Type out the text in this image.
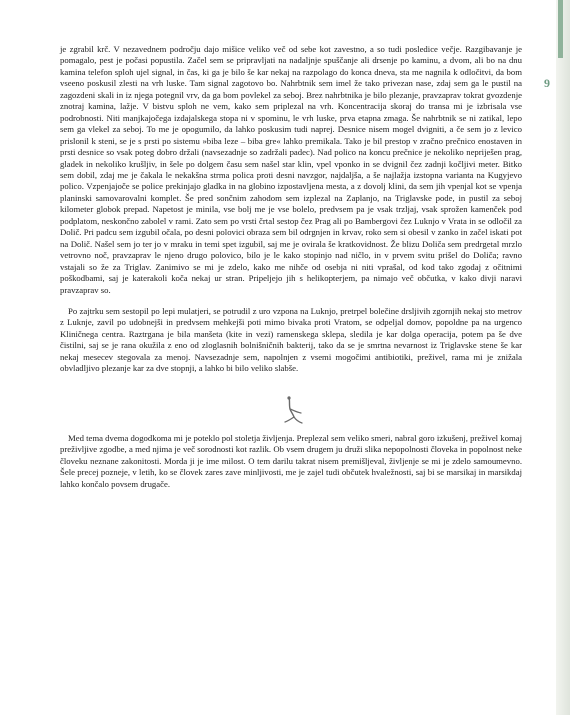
9

je zgrabil krč. V nezavednem področju dajo mišice veliko več od sebe kot zavestno, a so tudi posledice večje. Razgibavanje je pomagalo, pest je počasi popustila. Začel sem se pripravljati na nadaljnje spuščanje ali drsenje po kaminu, a dvom, ali bo na dnu kamina telefon sploh ujel signal, in čas, ki ga je bilo še kar nekaj na razpolago do konca dneva, sta me nagnila k odločitvi, da bom vseeno poskusil zlesti na vrh luske. Tam signal zagotovo bo. Nahrbtnik sem imel že tako privezan nase, zdaj sem ga le pustil na zagozdeni skali in iz njega potegnil vrv, da ga bom povlekel za seboj. Brez nahrbtnika je bilo plezanje, pravzaprav tokrat gvozdenje znotraj kamina, lažje. V bistvu sploh ne vem, kako sem priplezal na vrh. Koncentracija skoraj do transa mi je izbrisala vse podrobnosti. Niti manjkajočega izdajalskega stopa ni v spominu, le vrh luske, prva etapna zmaga. Še nahrbtnik se ni zatikal, lepo sem ga vlekel za seboj. To me je opogumilo, da lahko poskusim tudi naprej. Desnice nisem mogel dvigniti, a če sem jo z levico prislonil k steni, se je s prsti po sistemu »biba leze – biba gre« lahko premikala. Tako je bil prestop v zračno prečnico enostaven in prsti desnice so vsak poteg dobro držali (navsezadnje so zadržali padec). Nad polico na koncu prečnice je nekoliko nepriješen prag, gladek in nekoliko krušljiv, in šele po dolgem času sem našel star klin, vpel vponko in se dvignil čez zadnji kočljivi meter. Bitko sem dobil, zdaj me je čakala le nekakšna strma polica proti desni navzgor, najdaljša, a še najlažja izstopna varianta na Kugyjevo polico. Vzpenjajoče se police prekinjajo gladka in na globino izpostavljena mesta, a z dovolj klini, da sem jih vpenjal kot se vpenja planinski samovarovalni komplet. Še pred sončnim zahodom sem izplezal na Zaplanjo, na Triglavske pode, in pustil za seboj kilometer globok prepad. Napetost je minila, vse bolj me je vse bolelo, predvsem pa je vsak trzljaj, vsak sprožen kamenček pod podplatom, neskončno zabolel v rami. Zato sem po vrsti črtal sestop čez Prag ali po Bambergovi čez Luknjo v Vrata in se odločil za Dolič. Pri padcu sem izgubil očala, po desni polovici obraza sem bil odrgnjen in krvav, roko sem si obesil v zanko in začel iskati pot na Dolič. Našel sem jo ter jo v mraku in temi spet izgubil, saj me je ovirala še kratkovidnost. Že blizu Doliča sem predrgetal mrzlo vetrovno noč, pravzaprav le njeno drugo polovico, bilo je le kako stopinjo nad ničlo, in v prvem svitu prišel do Doliča; ravno vstajali so že za Triglav. Zanimivo se mi je zdelo, kako me nihče od osebja ni niti vprašal, od kod tako zgodaj z očitnimi poškodbami, saj je katerakoli koča nekaj ur stran. Pripeljejo jih s helikopterjem, pa nimajo več občutka, v kako divji naravi pravzaprav so.

Po zajtrku sem sestopil po lepi mulatjeri, se potrudil z uro vzpona na Luknjo, pretrpel bolečine drsljivih zgornjih nekaj sto metrov z Luknje, zavil po udobnejši in predvsem mehkejši poti mimo bivaka proti Vratom, se odpeljal domov, popoldne pa na urgenco Kliničnega centra. Raztrgana je bila manšeta (kite in vezi) ramenskega sklepa, sledila je kar dolga operacija, potem pa še dve čistilni, saj se je rana okužila z eno od zloglasnih bolnišničnih bakterij, tako da se je smrtna nevarnost iz Triglavske stene še kar nekaj mesecev stegovala za menoj. Navsezadnje sem, napolnjen z vsemi mogočimi antibiotiki, preživel, rama mi je znižala obvladljivo plezanje kar za dve stopnji, a lahko bi bilo veliko slabše.

Med tema dvema dogodkoma mi je poteklo pol stoletja življenja. Preplezal sem veliko smeri, nabral goro izkušenj, preživel komaj preživljive zgodbe, a med njima je več sorodnosti kot razlik. Ob vsem drugem ju druži slika nepopolnosti človeka in popolnost neke človeku neznane zakonitosti. Morda ji je ime milost. O tem darilu takrat nisem premišljeval, življenje se mi je zdelo samoumevno. Šele precej pozneje, v letih, ko se človek zares zave minljivosti, me je zajel tudi občutek hvaležnosti, saj bi se marsikaj in marsikdaj lahko končalo povsem drugače.
